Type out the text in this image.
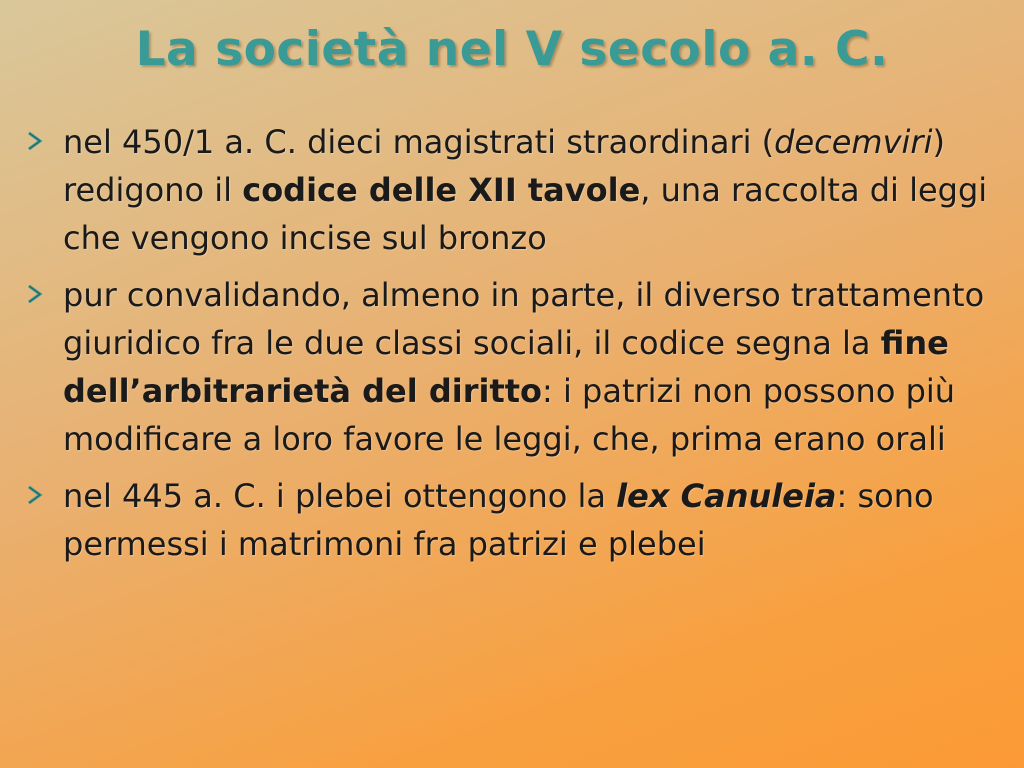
La società nel V secolo a. C.
nel 450/1 a. C. dieci magistrati straordinari (decemviri) redigono il codice delle XII tavole, una raccolta di leggi che vengono incise sul bronzo
pur convalidando, almeno in parte, il diverso trattamento giuridico fra le due classi sociali, il codice segna la fine dell’arbitrarietà del diritto: i patrizi non possono più modificare a loro favore le leggi, che, prima erano orali
nel 445 a. C. i plebei ottengono la lex Canuleia: sono permessi i matrimoni fra patrizi e plebei
